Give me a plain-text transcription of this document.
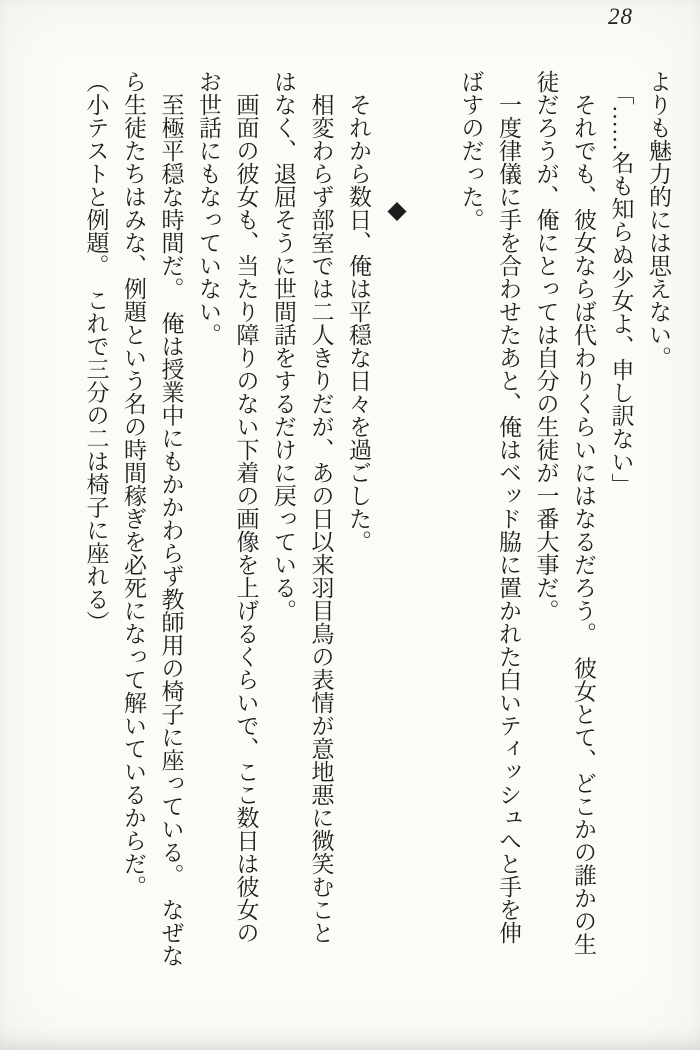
28
よりも魅力的には思えない。
「……名も知らぬ少女よ、申し訳ない」
それでも、彼女ならば代わりくらいにはなるだろう。　彼女とて、どこかの誰かの生
徒だろうが、俺にとっては自分の生徒が一番大事だ。
一度律儀に手を合わせたあと、俺はベッド脇に置かれた白いティッシュへと手を伸
ばすのだった。
◆
それから数日、俺は平穏な日々を過ごした。
相変わらず部室では二人きりだが、あの日以来羽目鳥の表情が意地悪に微笑むこと
はなく、退屈そうに世間話をするだけに戻っている。
画面の彼女も、当たり障りのない下着の画像を上げるくらいで、ここ数日は彼女の
お世話にもなっていない。
至極平穏な時間だ。　俺は授業中にもかかわらず教師用の椅子に座っている。　なぜな
ら生徒たちはみな、例題という名の時間稼ぎを必死になって解いているからだ。
（小テストと例題。　これで三分の二は椅子に座れる）
